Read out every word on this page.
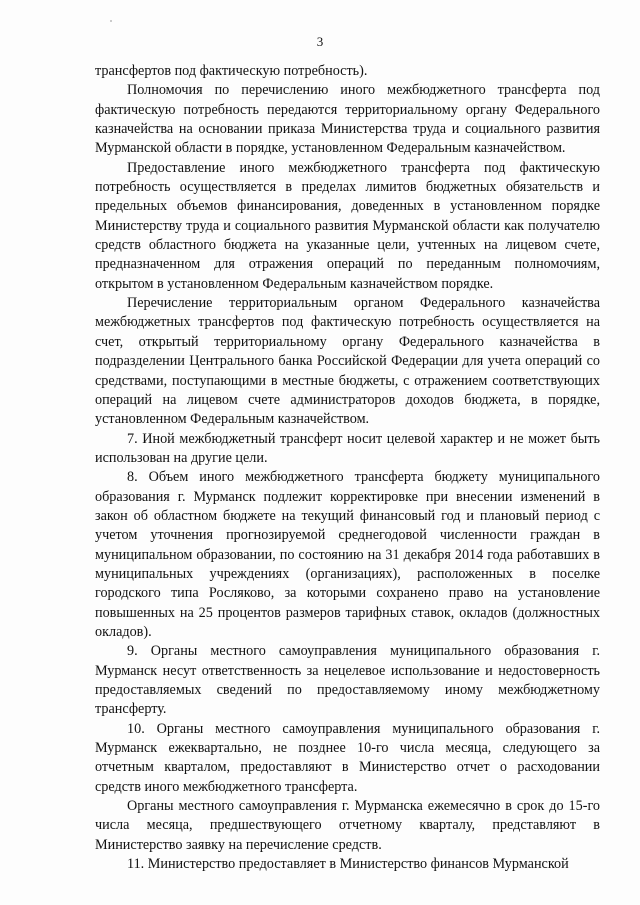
3

трансфертов под фактическую потребность).

Полномочия по перечислению иного межбюджетного трансферта под фактическую потребность передаются территориальному органу Федерального казначейства на основании приказа Министерства труда и социального развития Мурманской области в порядке, установленном Федеральным казначейством.

Предоставление иного межбюджетного трансферта под фактическую потребность осуществляется в пределах лимитов бюджетных обязательств и предельных объемов финансирования, доведенных в установленном порядке Министерству труда и социального развития Мурманской области как получателю средств областного бюджета на указанные цели, учтенных на лицевом счете, предназначенном для отражения операций по переданным полномочиям, открытом в установленном Федеральным казначейством порядке.

Перечисление территориальным органом Федерального казначейства межбюджетных трансфертов под фактическую потребность осуществляется на счет, открытый территориальному органу Федерального казначейства в подразделении Центрального банка Российской Федерации для учета операций со средствами, поступающими в местные бюджеты, с отражением соответствующих операций на лицевом счете администраторов доходов бюджета, в порядке, установленном Федеральным казначейством.

7. Иной межбюджетный трансферт носит целевой характер и не может быть использован на другие цели.

8. Объем иного межбюджетного трансферта бюджету муниципального образования г. Мурманск подлежит корректировке при внесении изменений в закон об областном бюджете на текущий финансовый год и плановый период с учетом уточнения прогнозируемой среднегодовой численности граждан в муниципальном образовании, по состоянию на 31 декабря 2014 года работавших в муниципальных учреждениях (организациях), расположенных в поселке городского типа Росляково, за которыми сохранено право на установление повышенных на 25 процентов размеров тарифных ставок, окладов (должностных окладов).

9. Органы местного самоуправления муниципального образования г. Мурманск несут ответственность за нецелевое использование и недостоверность предоставляемых сведений по предоставляемому иному межбюджетному трансферту.

10. Органы местного самоуправления муниципального образования г. Мурманск ежеквартально, не позднее 10-го числа месяца, следующего за отчетным кварталом, предоставляют в Министерство отчет о расходовании средств иного межбюджетного трансферта.

Органы местного самоуправления г. Мурманска ежемесячно в срок до 15-го числа месяца, предшествующего отчетному кварталу, представляют в Министерство заявку на перечисление средств.

11. Министерство предоставляет в Министерство финансов Мурманской
